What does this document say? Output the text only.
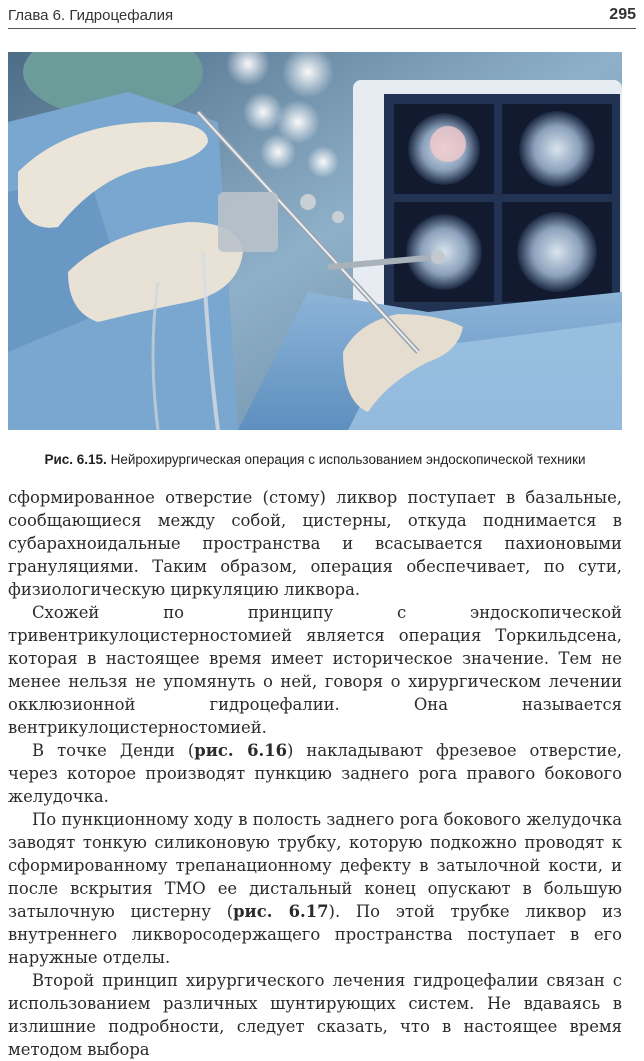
Глава 6. Гидроцефалия	295
Рис. 6.15. Нейрохирургическая операция с использованием эндоскопической техники

сформированное отверстие (стому) ликвор поступает в базальные, сообщающиеся между собой, цистерны, откуда поднимается в субарахноидальные пространства и всасывается пахионовыми грануляциями. Таким образом, операция обеспечивает, по сути, физиологическую циркуляцию ликвора.

Схожей по принципу с эндоскопической тривентрикулоцистерностомией является операция Торкильдсена, которая в настоящее время имеет историческое значение. Тем не менее нельзя не упомянуть о ней, говоря о хирургическом лечении окклюзионной гидроцефалии. Она называется вентрикулоцистерностомией.

В точке Денди (рис. 6.16) накладывают фрезевое отверстие, через которое производят пункцию заднего рога правого бокового желудочка.

По пункционному ходу в полость заднего рога бокового желудочка заводят тонкую силиконовую трубку, которую подкожно проводят к сформированному трепанационному дефекту в затылочной кости, и после вскрытия ТМО ее дистальный конец опускают в большую затылочную цистерну (рис. 6.17). По этой трубке ликвор из внутреннего ликворосодержащего пространства поступает в его наружные отделы.

Второй принцип хирургического лечения гидроцефалии связан с использованием различных шунтирующих систем. Не вдаваясь в излишние подробности, следует сказать, что в настоящее время методом выбора
